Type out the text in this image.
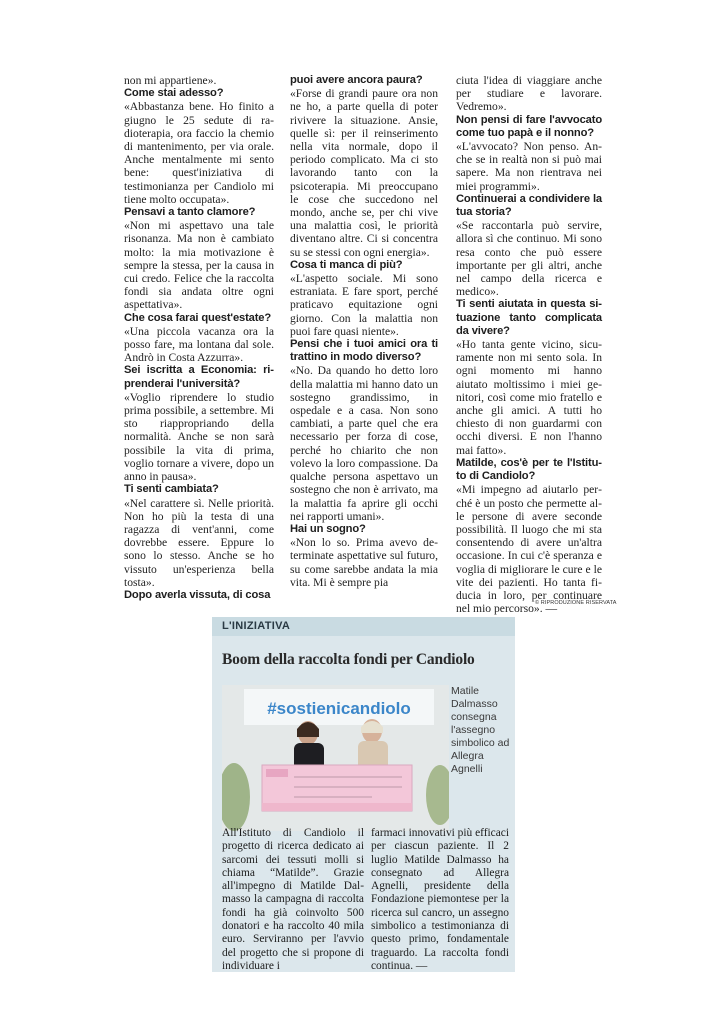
non mi appartiene».

Come stai adesso?

«Abbastanza bene. Ho finito a giugno le 25 sedute di radioterapia, ora faccio la chemio di mantenimento, per via orale. Anche mentalmente mi sento bene: quest'iniziativa di testimonianza per Candiolo mi tiene molto occupata».

Pensavi a tanto clamore?

«Non mi aspettavo una tale risonanza. Ma non è cambiato molto: la mia motivazione è sempre la stessa, per la causa in cui credo. Felice che la raccolta fondi sia andata oltre ogni aspettativa».

Che cosa farai quest'estate?

«Una piccola vacanza ora la posso fare, ma lontana dal sole. Andrò in Costa Azzurra».

Sei iscritta a Economia: riprenderai l'università?

«Voglio riprendere lo studio prima possibile, a settembre. Mi sto riappropriando della normalità. Anche se non sarà possibile la vita di prima, voglio tornare a vivere, dopo un anno in pausa».

Ti senti cambiata?

«Nel carattere sì. Nelle priorità. Non ho più la testa di una ragazza di vent'anni, come dovrebbe essere. Eppure lo sono lo stesso. Anche se ho vissuto un'esperienza bella tosta».

Dopo averla vissuta, di cosa

puoi avere ancora paura?

«Forse di grandi paure ora non ne ho, a parte quella di poter rivivere la situazione. Ansie, quelle sì: per il reinserimento nella vita normale, dopo il periodo complicato. Ma ci sto lavorando tanto con la psicoterapia. Mi preoccupano le cose che succedono nel mondo, anche se, per chi vive una malattia così, le priorità diventano altre. Ci si concentra su se stessi con ogni energia».

Cosa ti manca di più?

«L'aspetto sociale. Mi sono estraniata. E fare sport, perché praticavo equitazione ogni giorno. Con la malattia non puoi fare quasi niente».

Pensi che i tuoi amici ora ti trattino in modo diverso?

«No. Da quando ho detto loro della malattia mi hanno dato un sostegno grandissimo, in ospedale e a casa. Non sono cambiati, a parte quel che era necessario per forza di cose, perché ho chiarito che non volevo la loro compassione. Da qualche persona aspettavo un sostegno che non è arrivato, ma la malattia fa aprire gli occhi nei rapporti umani».

Hai un sogno?

«Non lo so. Prima avevo determinate aspettative sul futuro, su come sarebbe andata la mia vita. Mi è sempre pia

ciuta l'idea di viaggiare anche per studiare e lavorare. Vedremo».

Non pensi di fare l'avvocato come tuo papà e il nonno?

«L'avvocato? Non penso. Anche se in realtà non si può mai sapere. Ma non rientrava nei miei programmi».

Continuerai a condividere la tua storia?

«Se raccontarla può servire, allora sì che continuo. Mi sono resa conto che può essere importante per gli altri, anche nel campo della ricerca e medico».

Ti senti aiutata in questa situazione tanto complicata da vivere?

«Ho tanta gente vicino, sicuramente non mi sento sola. In ogni momento mi hanno aiutato moltissimo i miei genitori, così come mio fratello e anche gli amici. A tutti ho chiesto di non guardarmi con occhi diversi. E non l'hanno mai fatto».

Matilde, cos'è per te l'Istituto di Candiolo?

«Mi impegno ad aiutarlo perché è un posto che permette alle persone di avere seconde possibilità. Il luogo che mi sta consentendo di avere un'altra occasione. In cui c'è speranza e voglia di migliorare le cure e le vite dei pazienti. Ho tanta fiducia in loro, per continuare nel mio percorso». —

© RIPRODUZIONE RISERVATA
L'INIZIATIVA
Boom della raccolta fondi per Candiolo
#sostienicandiolo
Matile Dalmasso consegna l'assegno simbolico ad Allegra Agnelli

All'Istituto di Candiolo il progetto di ricerca dedicato ai sarcomi dei tessuti molli si chiama “Matilde”. Grazie all'impegno di Matilde Dalmasso la campagna di raccolta fondi ha già coinvolto 500 donatori e ha raccolto 40 mila euro. Serviranno per l'avvio del progetto che si propone di individuare i

farmaci innovativi più efficaci per ciascun paziente. Il 2 luglio Matilde Dalmasso ha consegnato ad Allegra Agnelli, presidente della Fondazione piemontese per la ricerca sul cancro, un assegno simbolico a testimonianza di questo primo, fondamentale traguardo. La raccolta fondi continua. —
